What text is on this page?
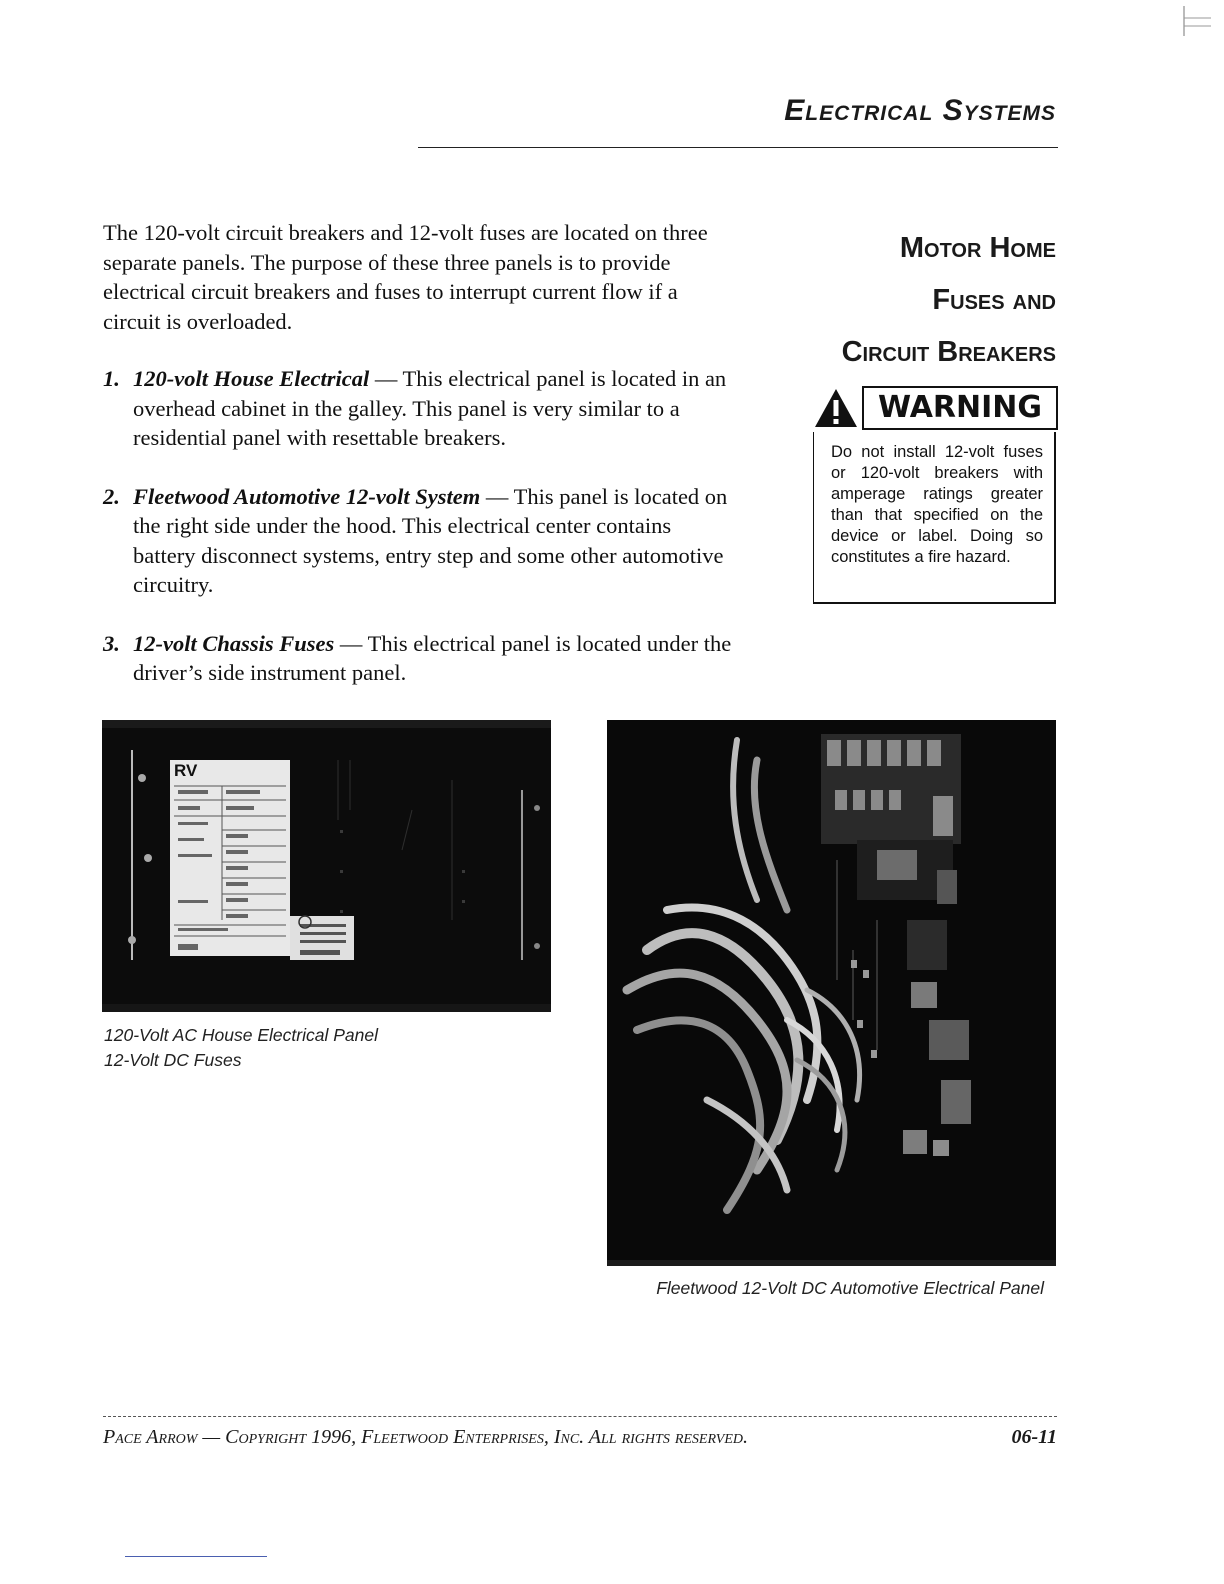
Electrical Systems

The 120-volt circuit breakers and 12-volt fuses are located on three separate panels. The purpose of these three panels is to provide electrical circuit breakers and fuses to interrupt current flow if a circuit is overloaded.

1. 120-volt House Electrical — This electrical panel is located in an overhead cabinet in the galley. This panel is very similar to a residential panel with resettable breakers.
2. Fleetwood Automotive 12-volt System — This panel is located on the right side under the hood. This electrical center contains battery disconnect systems, entry step and some other automotive circuitry.
3. 12-volt Chassis Fuses — This electrical panel is located under the driver’s side instrument panel.
Motor Home
Fuses and
Circuit Breakers
WARNING
Do not install 12-volt fuses or 120-volt breakers with amperage ratings greater than that specified on the device or label. Doing so constitutes a fire hazard.
RV
120-Volt AC House Electrical Panel
12-Volt DC Fuses
Fleetwood 12-Volt DC Automotive Electrical Panel
Pace Arrow — Copyright 1996, Fleetwood Enterprises, Inc. All rights reserved.	06-11
